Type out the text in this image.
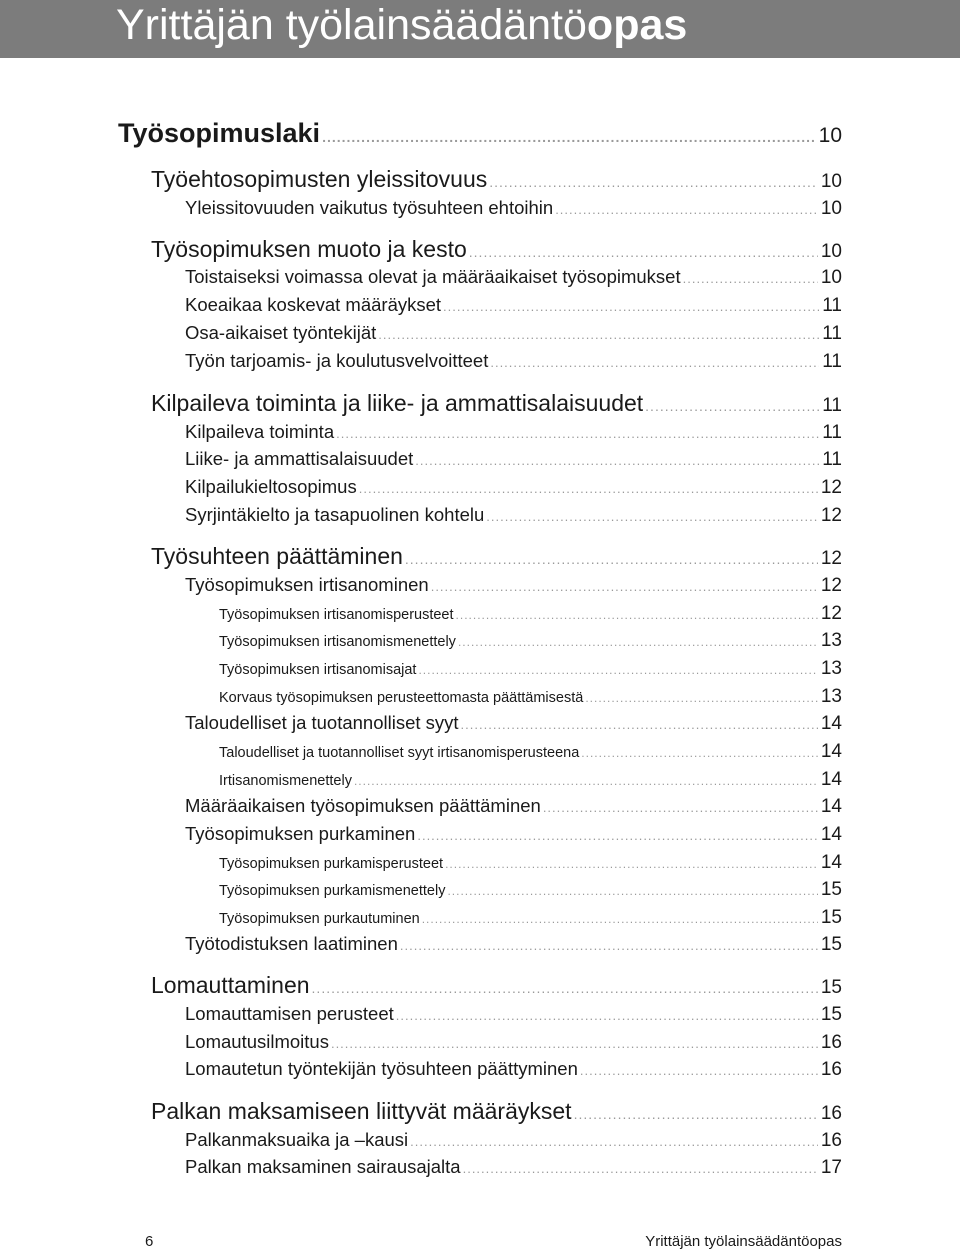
Yrittäjän työlainsäädäntöopas
Työsopimuslaki .....	10
Työehtosopimusten yleissitovuus .....	10
Yleissitovuuden vaikutus työsuhteen ehtoihin .....	10
Työsopimuksen muoto ja kesto .....	10
Toistaiseksi voimassa olevat ja määräaikaiset työsopimukset .....	10
Koeaikaa koskevat määräykset .....	11
Osa-aikaiset työntekijät .....	11
Työn tarjoamis- ja koulutusvelvoitteet .....	11
Kilpaileva toiminta ja liike- ja ammattisalaisuudet .....	11
Kilpaileva toiminta .....	11
Liike- ja ammattisalaisuudet .....	11
Kilpailukieltosopimus .....	12
Syrjintäkielto ja tasapuolinen kohtelu .....	12
Työsuhteen päättäminen .....	12
Työsopimuksen irtisanominen .....	12
Työsopimuksen irtisanomisperusteet .....	12
Työsopimuksen irtisanomismenettely .....	13
Työsopimuksen irtisanomisajat .....	13
Korvaus työsopimuksen perusteettomasta päättämisestä .....	13
Taloudelliset ja tuotannolliset syyt .....	14
Taloudelliset ja tuotannolliset syyt irtisanomisperusteena .....	14
Irtisanomismenettely .....	14
Määräaikaisen työsopimuksen päättäminen .....	14
Työsopimuksen purkaminen .....	14
Työsopimuksen purkamisperusteet .....	14
Työsopimuksen purkamismenettely .....	15
Työsopimuksen purkautuminen .....	15
Työtodistuksen laatiminen .....	15
Lomauttaminen .....	15
Lomauttamisen perusteet .....	15
Lomautusilmoitus .....	16
Lomautetun työntekijän työsuhteen päättyminen .....	16
Palkan maksamiseen liittyvät määräykset .....	16
Palkanmaksuaika ja –kausi .....	16
Palkan maksaminen sairausajalta .....	17
6	Yrittäjän työlainsäädäntöopas
